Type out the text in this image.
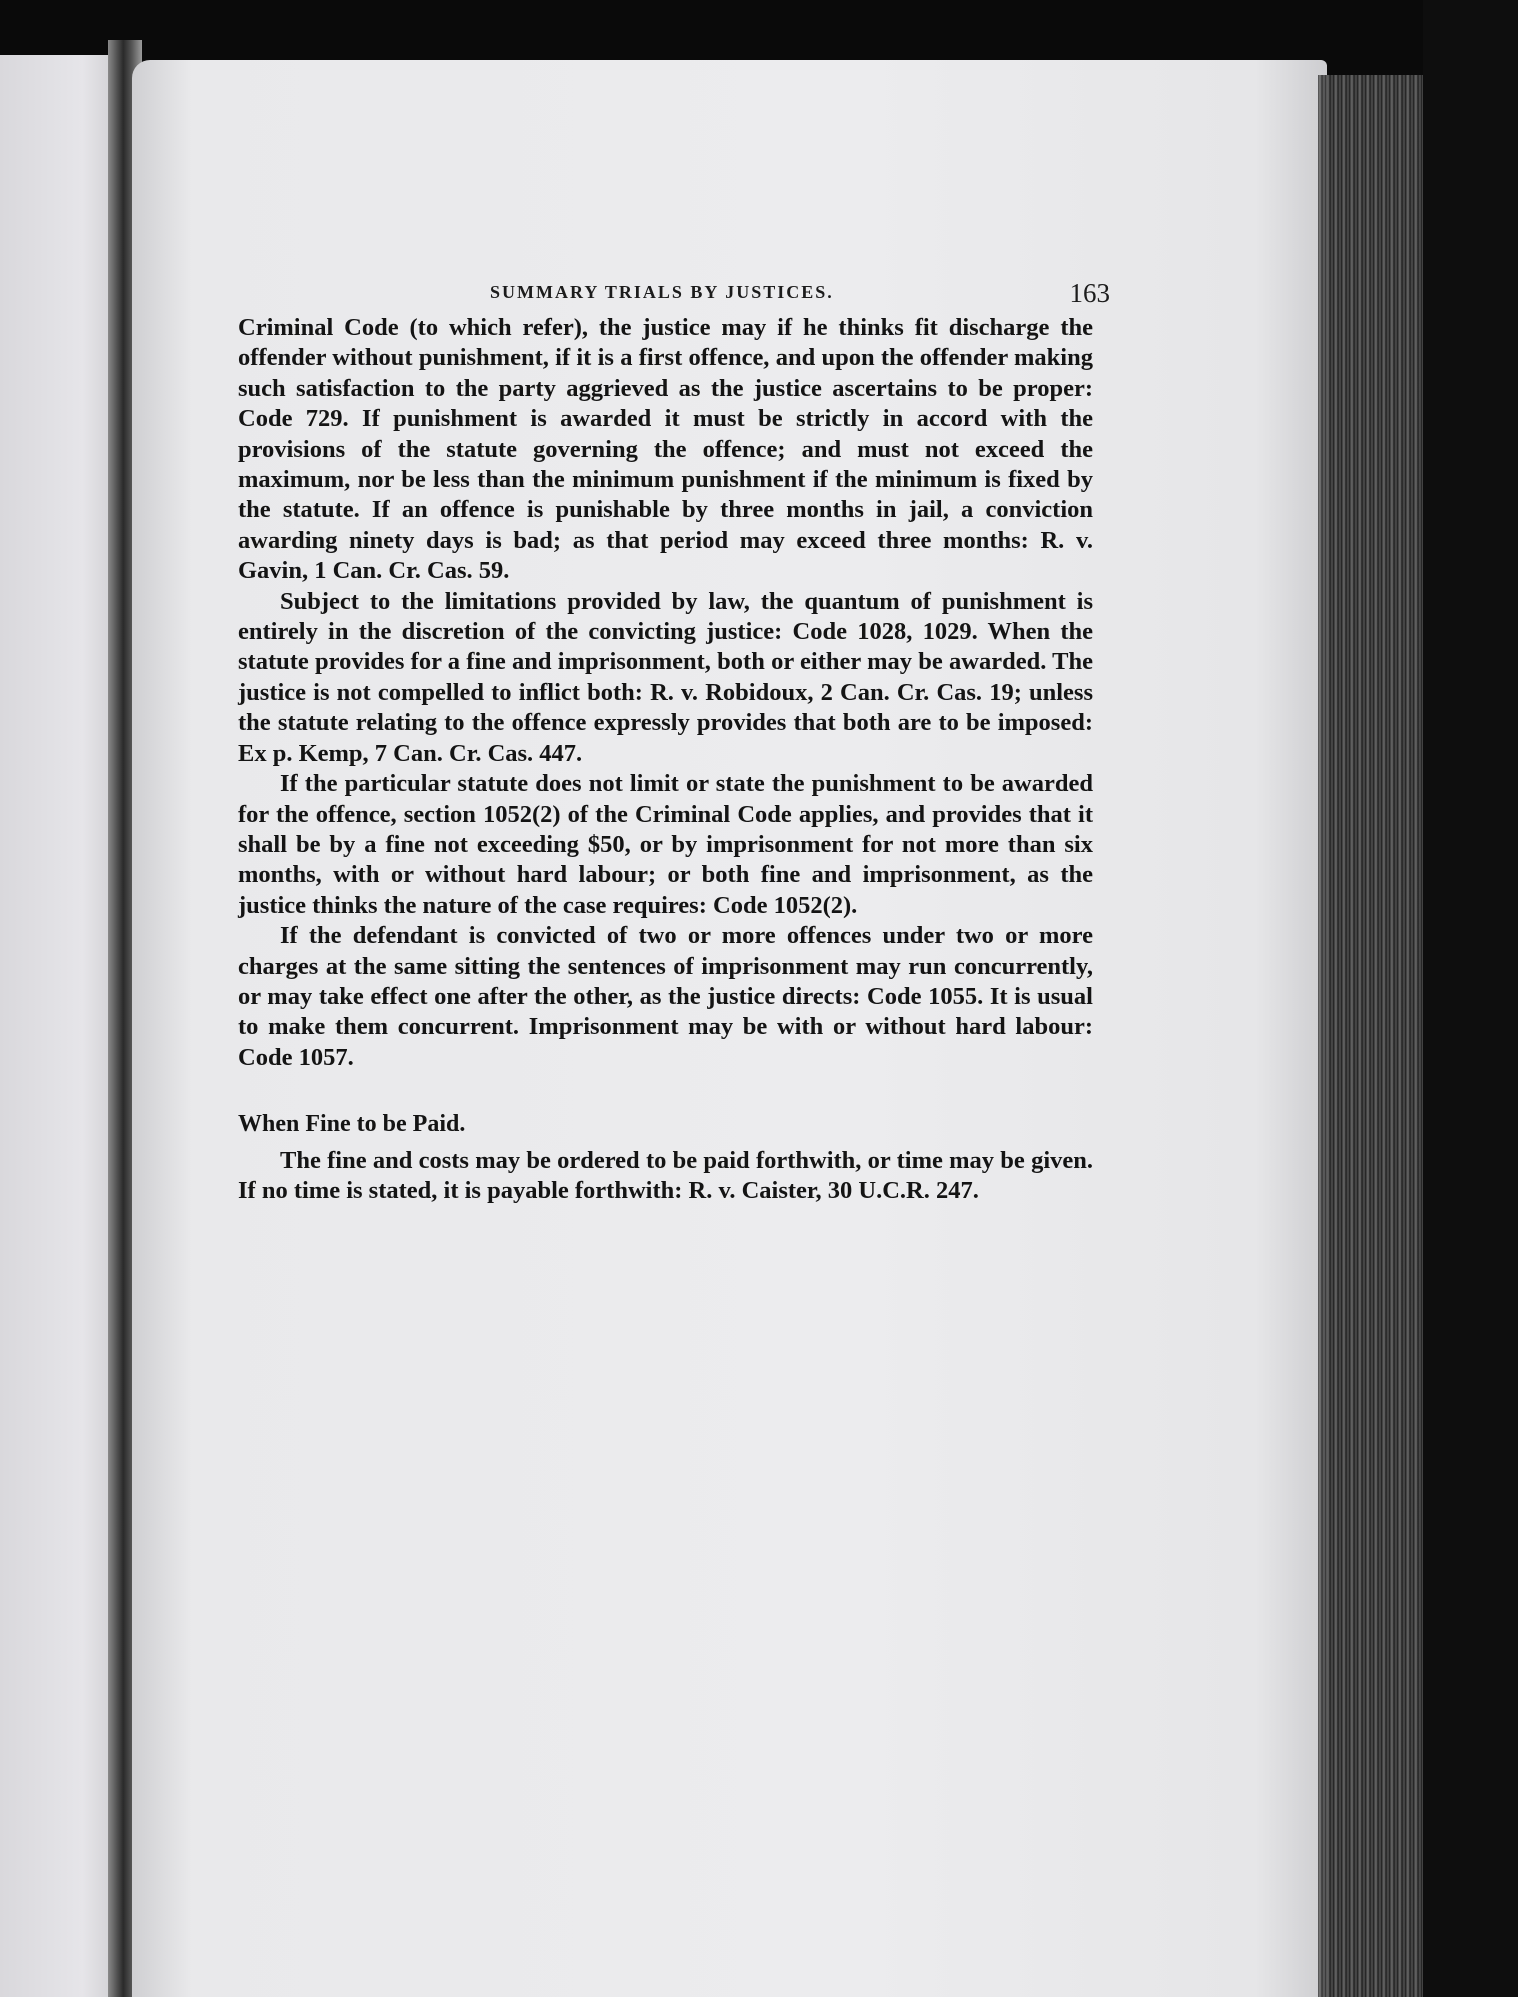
SUMMARY TRIALS BY JUSTICES.	163

Criminal Code (to which refer), the justice may if he thinks fit discharge the offender without punishment, if it is a first offence, and upon the offender making such satisfaction to the party aggrieved as the justice ascertains to be proper: Code 729. If punishment is awarded it must be strictly in accord with the provisions of the statute governing the offence; and must not exceed the maximum, nor be less than the minimum punishment if the minimum is fixed by the statute. If an offence is punishable by three months in jail, a conviction awarding ninety days is bad; as that period may exceed three months: R. v. Gavin, 1 Can. Cr. Cas. 59.

Subject to the limitations provided by law, the quantum of punishment is entirely in the discretion of the convicting justice: Code 1028, 1029. When the statute provides for a fine and imprisonment, both or either may be awarded. The justice is not compelled to inflict both: R. v. Robidoux, 2 Can. Cr. Cas. 19; unless the statute relating to the offence expressly provides that both are to be imposed: Ex p. Kemp, 7 Can. Cr. Cas. 447.

If the particular statute does not limit or state the punishment to be awarded for the offence, section 1052(2) of the Criminal Code applies, and provides that it shall be by a fine not exceeding $50, or by imprisonment for not more than six months, with or without hard labour; or both fine and imprisonment, as the justice thinks the nature of the case requires: Code 1052(2).

If the defendant is convicted of two or more offences under two or more charges at the same sitting the sentences of imprisonment may run concurrently, or may take effect one after the other, as the justice directs: Code 1055. It is usual to make them concurrent. Imprisonment may be with or without hard labour: Code 1057.

When Fine to be Paid.

The fine and costs may be ordered to be paid forthwith, or time may be given. If no time is stated, it is payable forthwith: R. v. Caister, 30 U.C.R. 247.
